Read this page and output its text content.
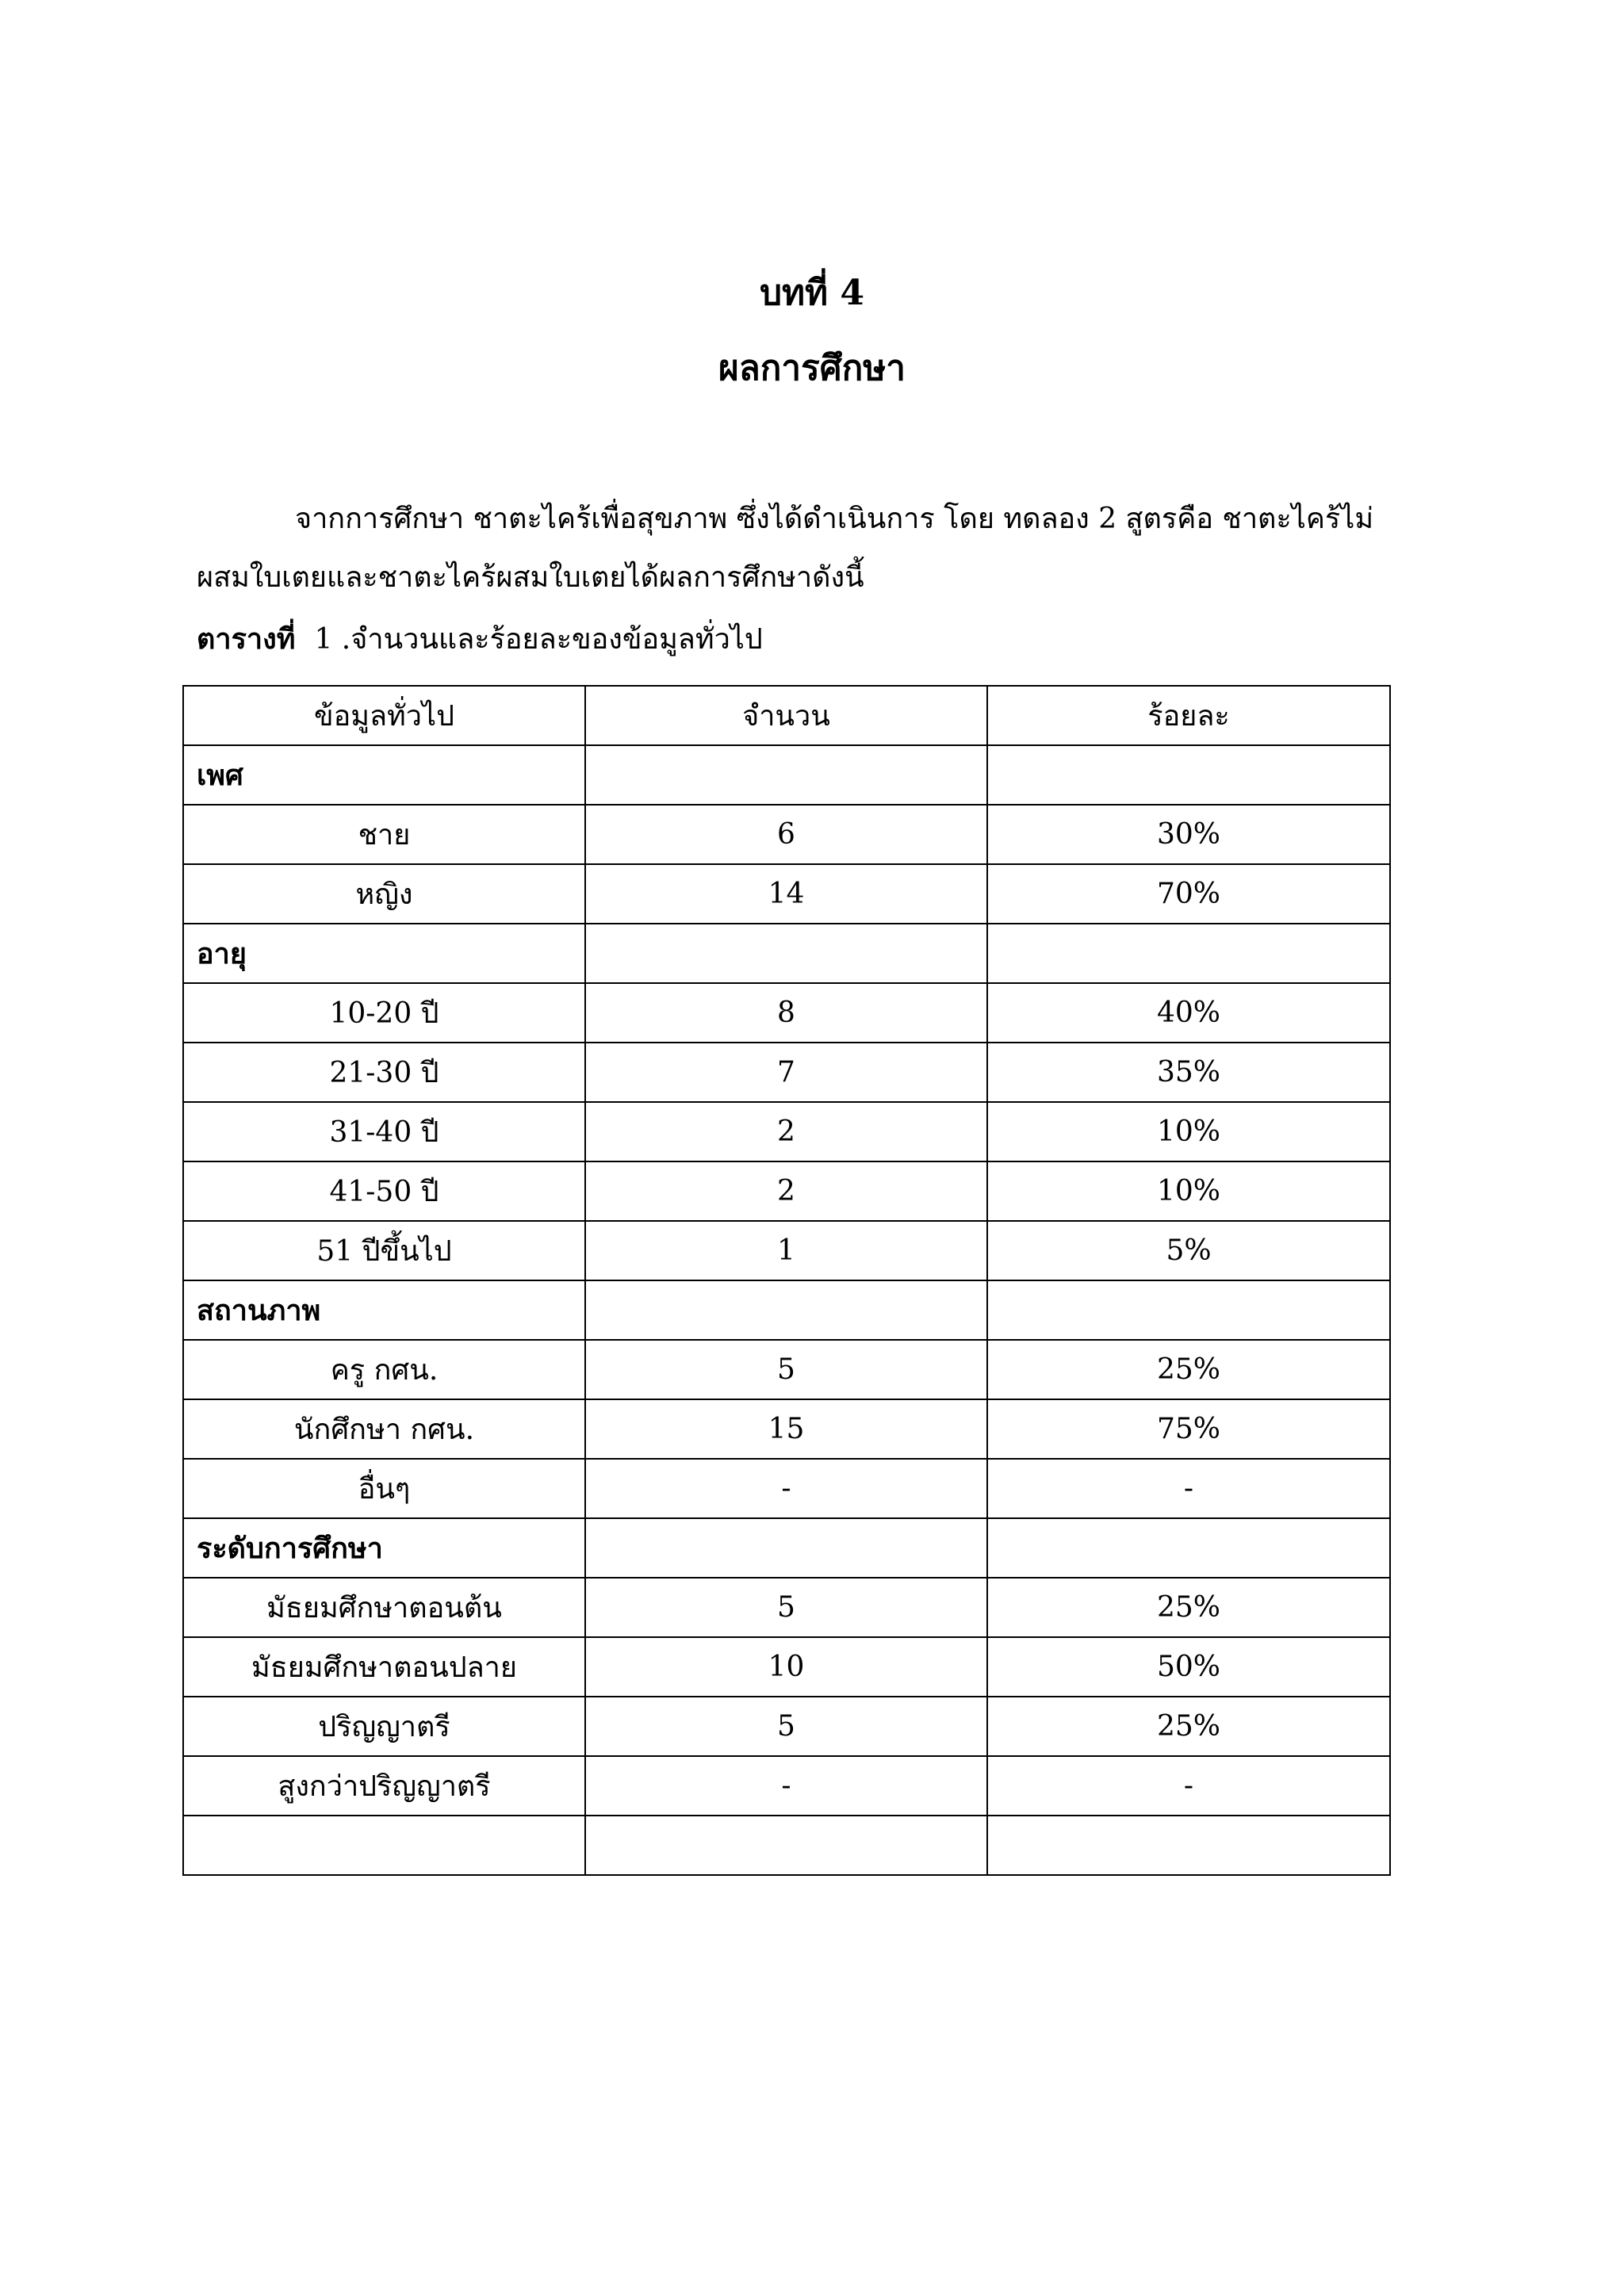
บทที่ 4
ผลการศึกษา

จากการศึกษา ชาตะไคร้เพื่อสุขภาพ ซึ่งได้ดำเนินการ โดย ทดลอง 2 สูตรคือ ชาตะไคร้ไม่ผสมใบเตยและชาตะไคร้ผสมใบเตยได้ผลการศึกษาดังนี้

ตารางที่ 1 .จำนวนและร้อยละของข้อมูลทั่วไป
ข้อมูลทั่วไป	จำนวน	ร้อยละ
เพศ		
ชาย	6	30%
หญิง	14	70%
อายุ		
10-20 ปี	8	40%
21-30 ปี	7	35%
31-40 ปี	2	10%
41-50 ปี	2	10%
51 ปีขึ้นไป	1	5%
สถานภาพ		
ครู กศน.	5	25%
นักศึกษา กศน.	15	75%
อื่นๆ	-	-
ระดับการศึกษา		
มัธยมศึกษาตอนต้น	5	25%
มัธยมศึกษาตอนปลาย	10	50%
ปริญญาตรี	5	25%
สูงกว่าปริญญาตรี	-	-
